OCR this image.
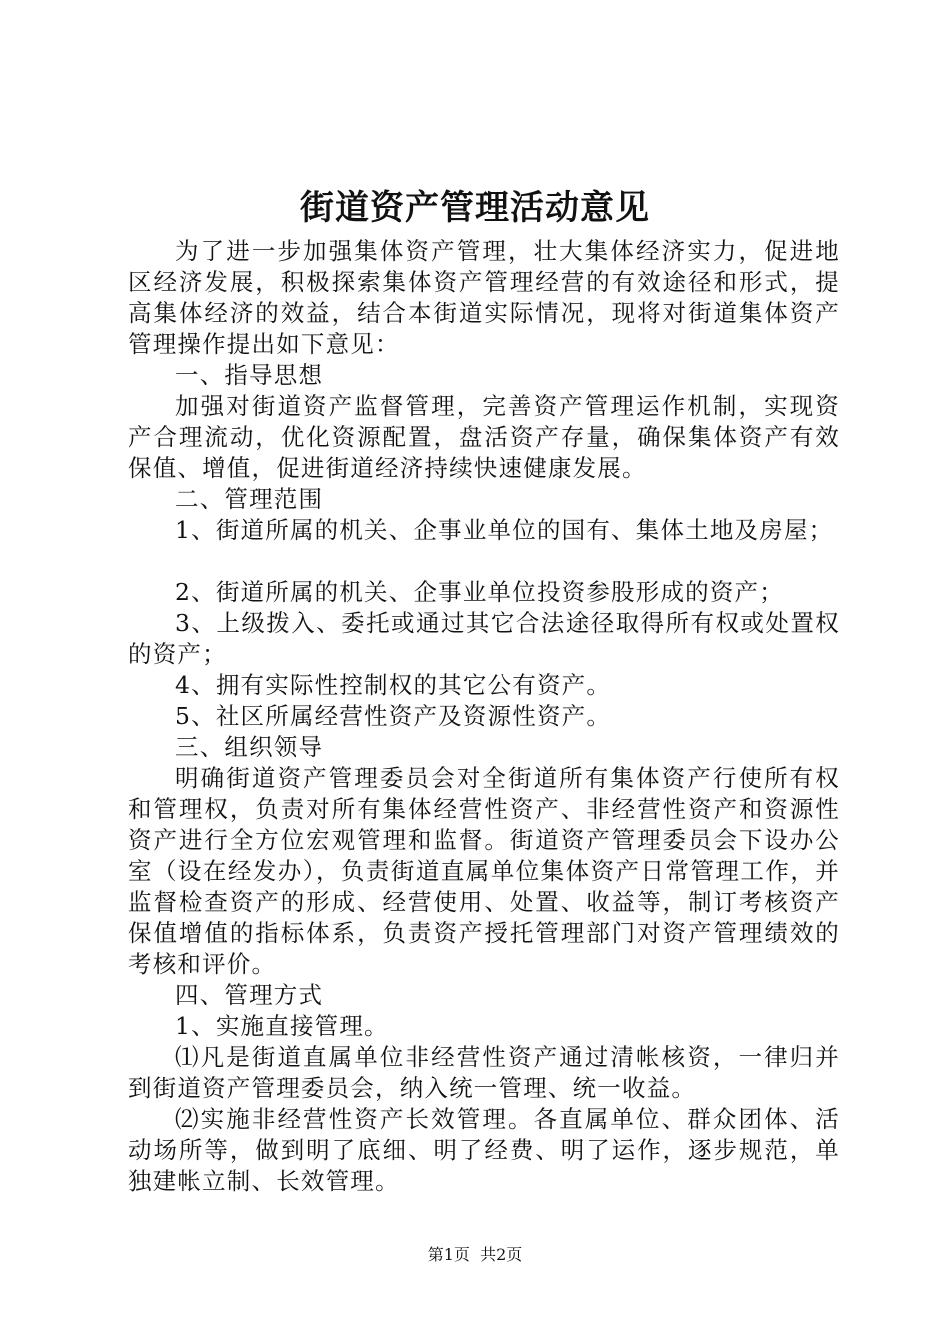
街道资产管理活动意见

为了进一步加强集体资产管理，壮大集体经济实力，促进地区经济发展，积极探索集体资产管理经营的有效途径和形式，提高集体经济的效益，结合本街道实际情况，现将对街道集体资产管理操作提出如下意见：

一、指导思想

加强对街道资产监督管理，完善资产管理运作机制，实现资产合理流动，优化资源配置，盘活资产存量，确保集体资产有效保值、增值，促进街道经济持续快速健康发展。

二、管理范围

1、街道所属的机关、企事业单位的国有、集体土地及房屋；

2、街道所属的机关、企事业单位投资参股形成的资产；

3、上级拨入、委托或通过其它合法途径取得所有权或处置权的资产；

4、拥有实际性控制权的其它公有资产。

5、社区所属经营性资产及资源性资产。

三、组织领导

明确街道资产管理委员会对全街道所有集体资产行使所有权和管理权，负责对所有集体经营性资产、非经营性资产和资源性资产进行全方位宏观管理和监督。街道资产管理委员会下设办公室（设在经发办），负责街道直属单位集体资产日常管理工作，并监督检查资产的形成、经营使用、处置、收益等，制订考核资产保值增值的指标体系，负责资产授托管理部门对资产管理绩效的考核和评价。

四、管理方式

1、实施直接管理。

⑴凡是街道直属单位非经营性资产通过清帐核资，一律归并到街道资产管理委员会，纳入统一管理、统一收益。

⑵实施非经营性资产长效管理。各直属单位、群众团体、活动场所等，做到明了底细、明了经费、明了运作，逐步规范，单独建帐立制、长效管理。

第1页 共2页
